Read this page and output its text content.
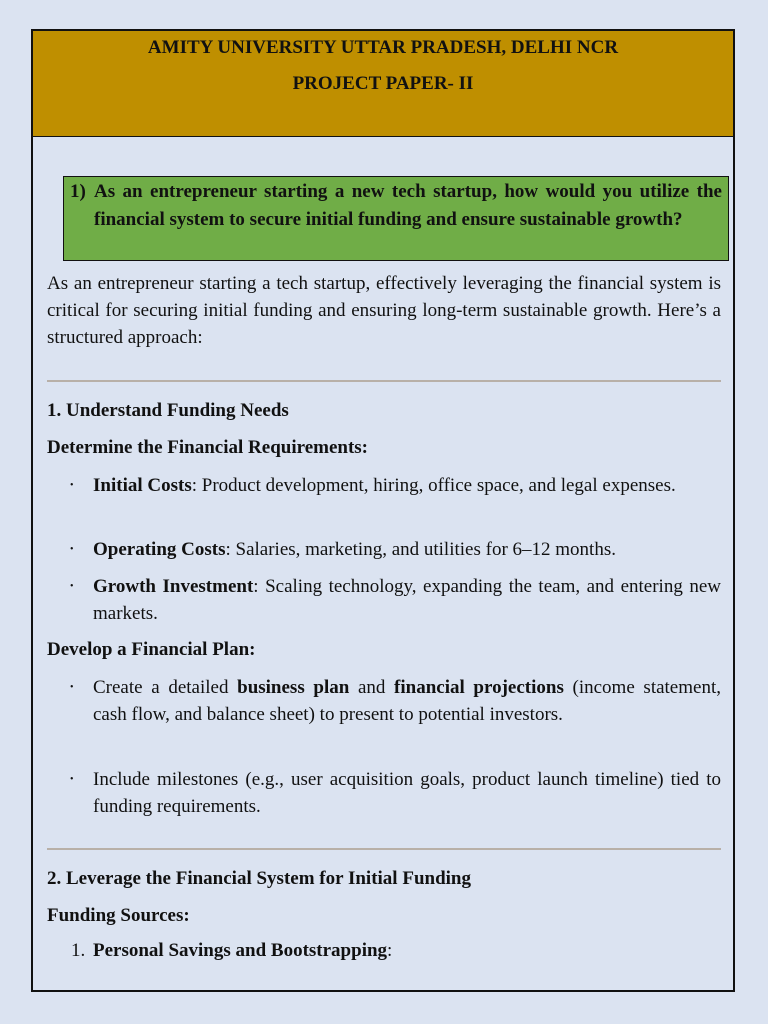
AMITY UNIVERSITY UTTAR PRADESH, DELHI NCR
PROJECT PAPER- II
1) As an entrepreneur starting a new tech startup, how would you utilize the financial system to secure initial funding and ensure sustainable growth?
As an entrepreneur starting a tech startup, effectively leveraging the financial system is critical for securing initial funding and ensuring long-term sustainable growth. Here’s a structured approach:
1. Understand Funding Needs
Determine the Financial Requirements:
• Initial Costs: Product development, hiring, office space, and legal expenses.
• Operating Costs: Salaries, marketing, and utilities for 6–12 months.
• Growth Investment: Scaling technology, expanding the team, and entering new markets.
Develop a Financial Plan:
• Create a detailed business plan and financial projections (income statement, cash flow, and balance sheet) to present to potential investors.
• Include milestones (e.g., user acquisition goals, product launch timeline) tied to funding requirements.
2. Leverage the Financial System for Initial Funding
Funding Sources:
1. Personal Savings and Bootstrapping:
